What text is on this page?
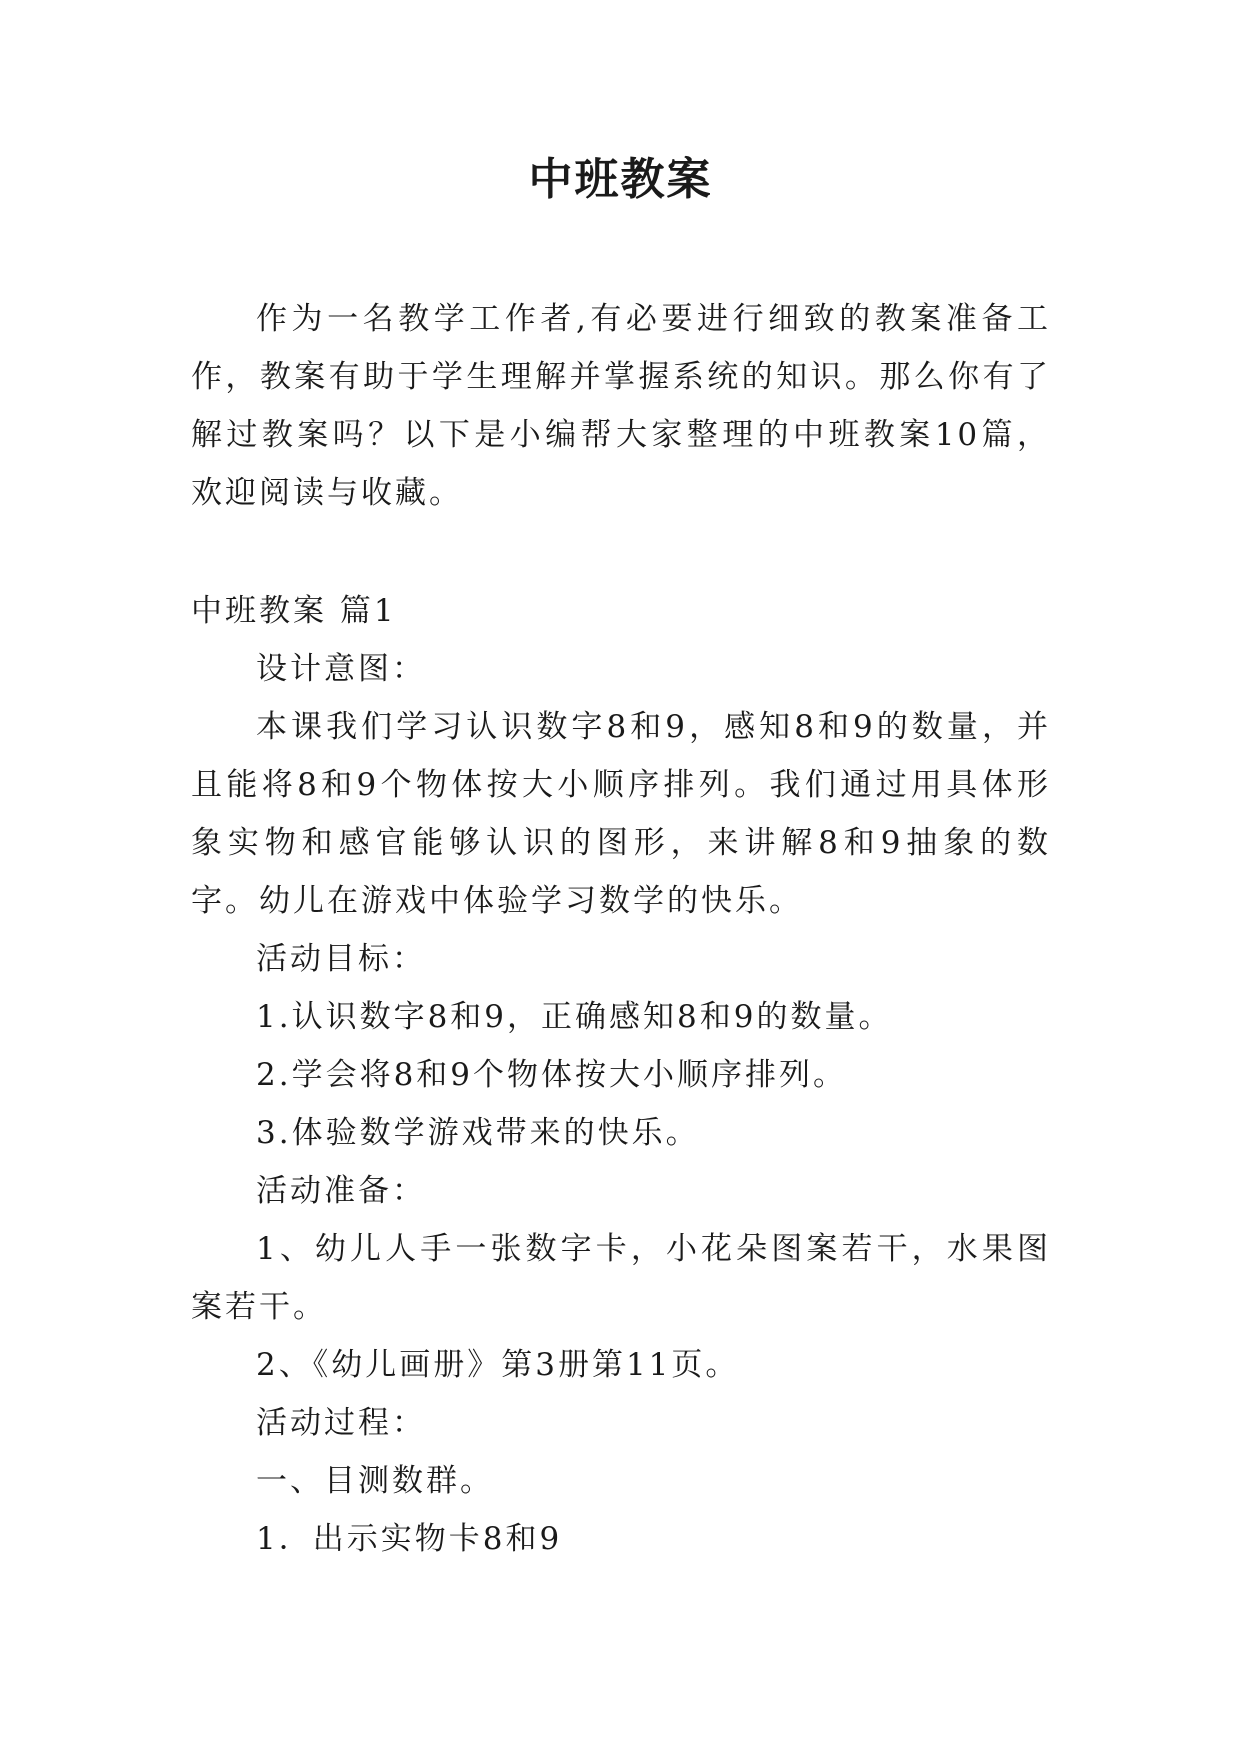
中班教案

作为一名教学工作者,有必要进行细致的教案准备工作，教案有助于学生理解并掌握系统的知识。那么你有了解过教案吗？以下是小编帮大家整理的中班教案10篇，欢迎阅读与收藏。

中班教案 篇1

设计意图：

本课我们学习认识数字8和9，感知8和9的数量，并且能将8和9个物体按大小顺序排列。我们通过用具体形象实物和感官能够认识的图形，来讲解8和9抽象的数字。幼儿在游戏中体验学习数学的快乐。

活动目标：

1.认识数字8和9，正确感知8和9的数量。

2.学会将8和9个物体按大小顺序排列。

3.体验数学游戏带来的快乐。

活动准备：

1、幼儿人手一张数字卡，小花朵图案若干，水果图案若干。

2、《幼儿画册》第3册第11页。

活动过程：

一、目测数群。

1．出示实物卡8和9
